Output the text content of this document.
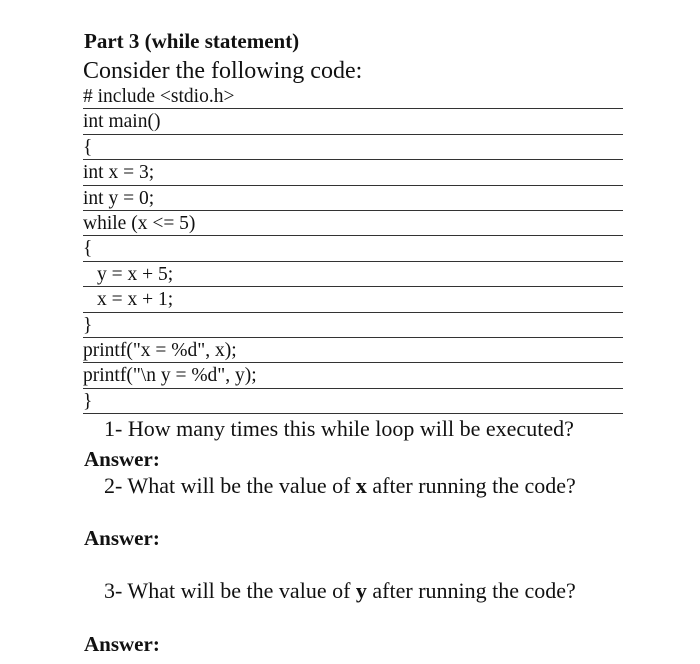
Part 3 (while statement)
Consider the following code:
# include <stdio.h>
int main()
{
int x = 3;
int y = 0;
while (x <= 5)
{
y = x + 5;
x = x + 1;
}
printf("x = %d", x);
printf("\n y = %d", y);
}
1- How many times this while loop will be executed?
Answer:
2- What will be the value of x after running the code?
Answer:
3- What will be the value of y after running the code?
Answer:
